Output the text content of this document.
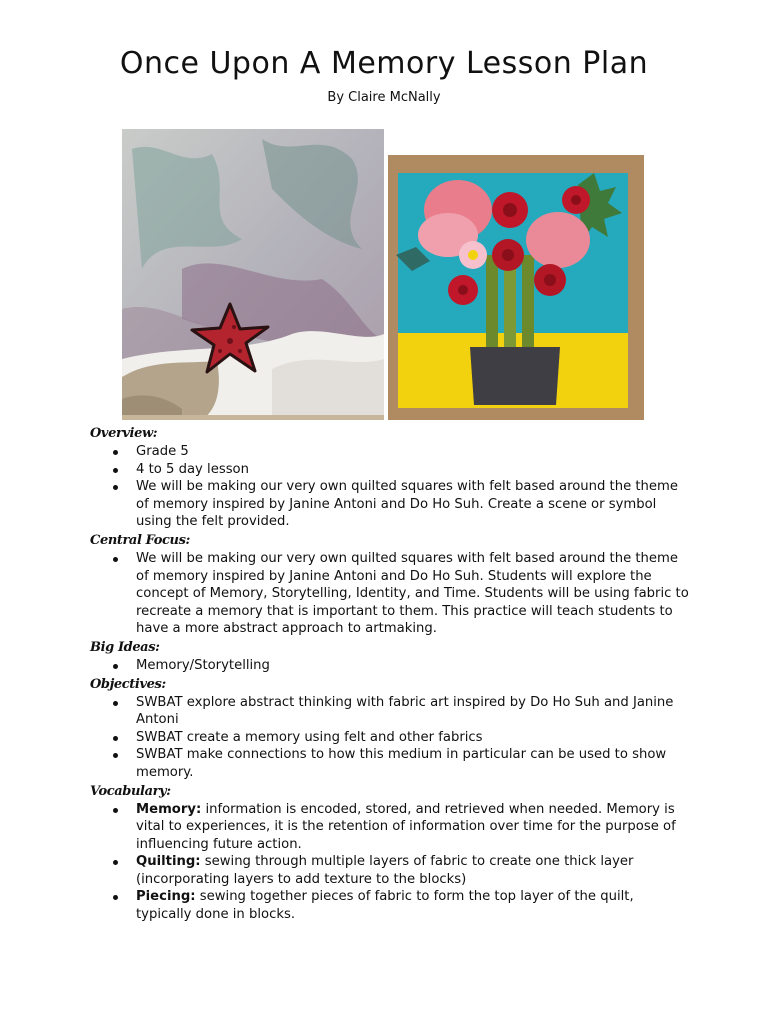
Once Upon A Memory Lesson Plan

By Claire McNally

Overview:
Grade 5
4 to 5 day lesson
We will be making our very own quilted squares with felt based around the theme of memory inspired by Janine Antoni and Do Ho Suh. Create a scene or symbol using the felt provided.
Central Focus:
We will be making our very own quilted squares with felt based around the theme of memory inspired by Janine Antoni and Do Ho Suh. Students will explore the concept of Memory, Storytelling, Identity, and Time. Students will be using fabric to recreate a memory that is important to them. This practice will teach students to have a more abstract approach to artmaking.
Big Ideas:
Memory/Storytelling
Objectives:
SWBAT explore abstract thinking with fabric art inspired by Do Ho Suh and Janine Antoni
SWBAT create a memory using felt and other fabrics
SWBAT make connections to how this medium in particular can be used to show memory.
Vocabulary:
Memory: information is encoded, stored, and retrieved when needed. Memory is vital to experiences, it is the retention of information over time for the purpose of influencing future action.
Quilting: sewing through multiple layers of fabric to create one thick layer (incorporating layers to add texture to the blocks)
Piecing: sewing together pieces of fabric to form the top layer of the quilt, typically done in blocks.
